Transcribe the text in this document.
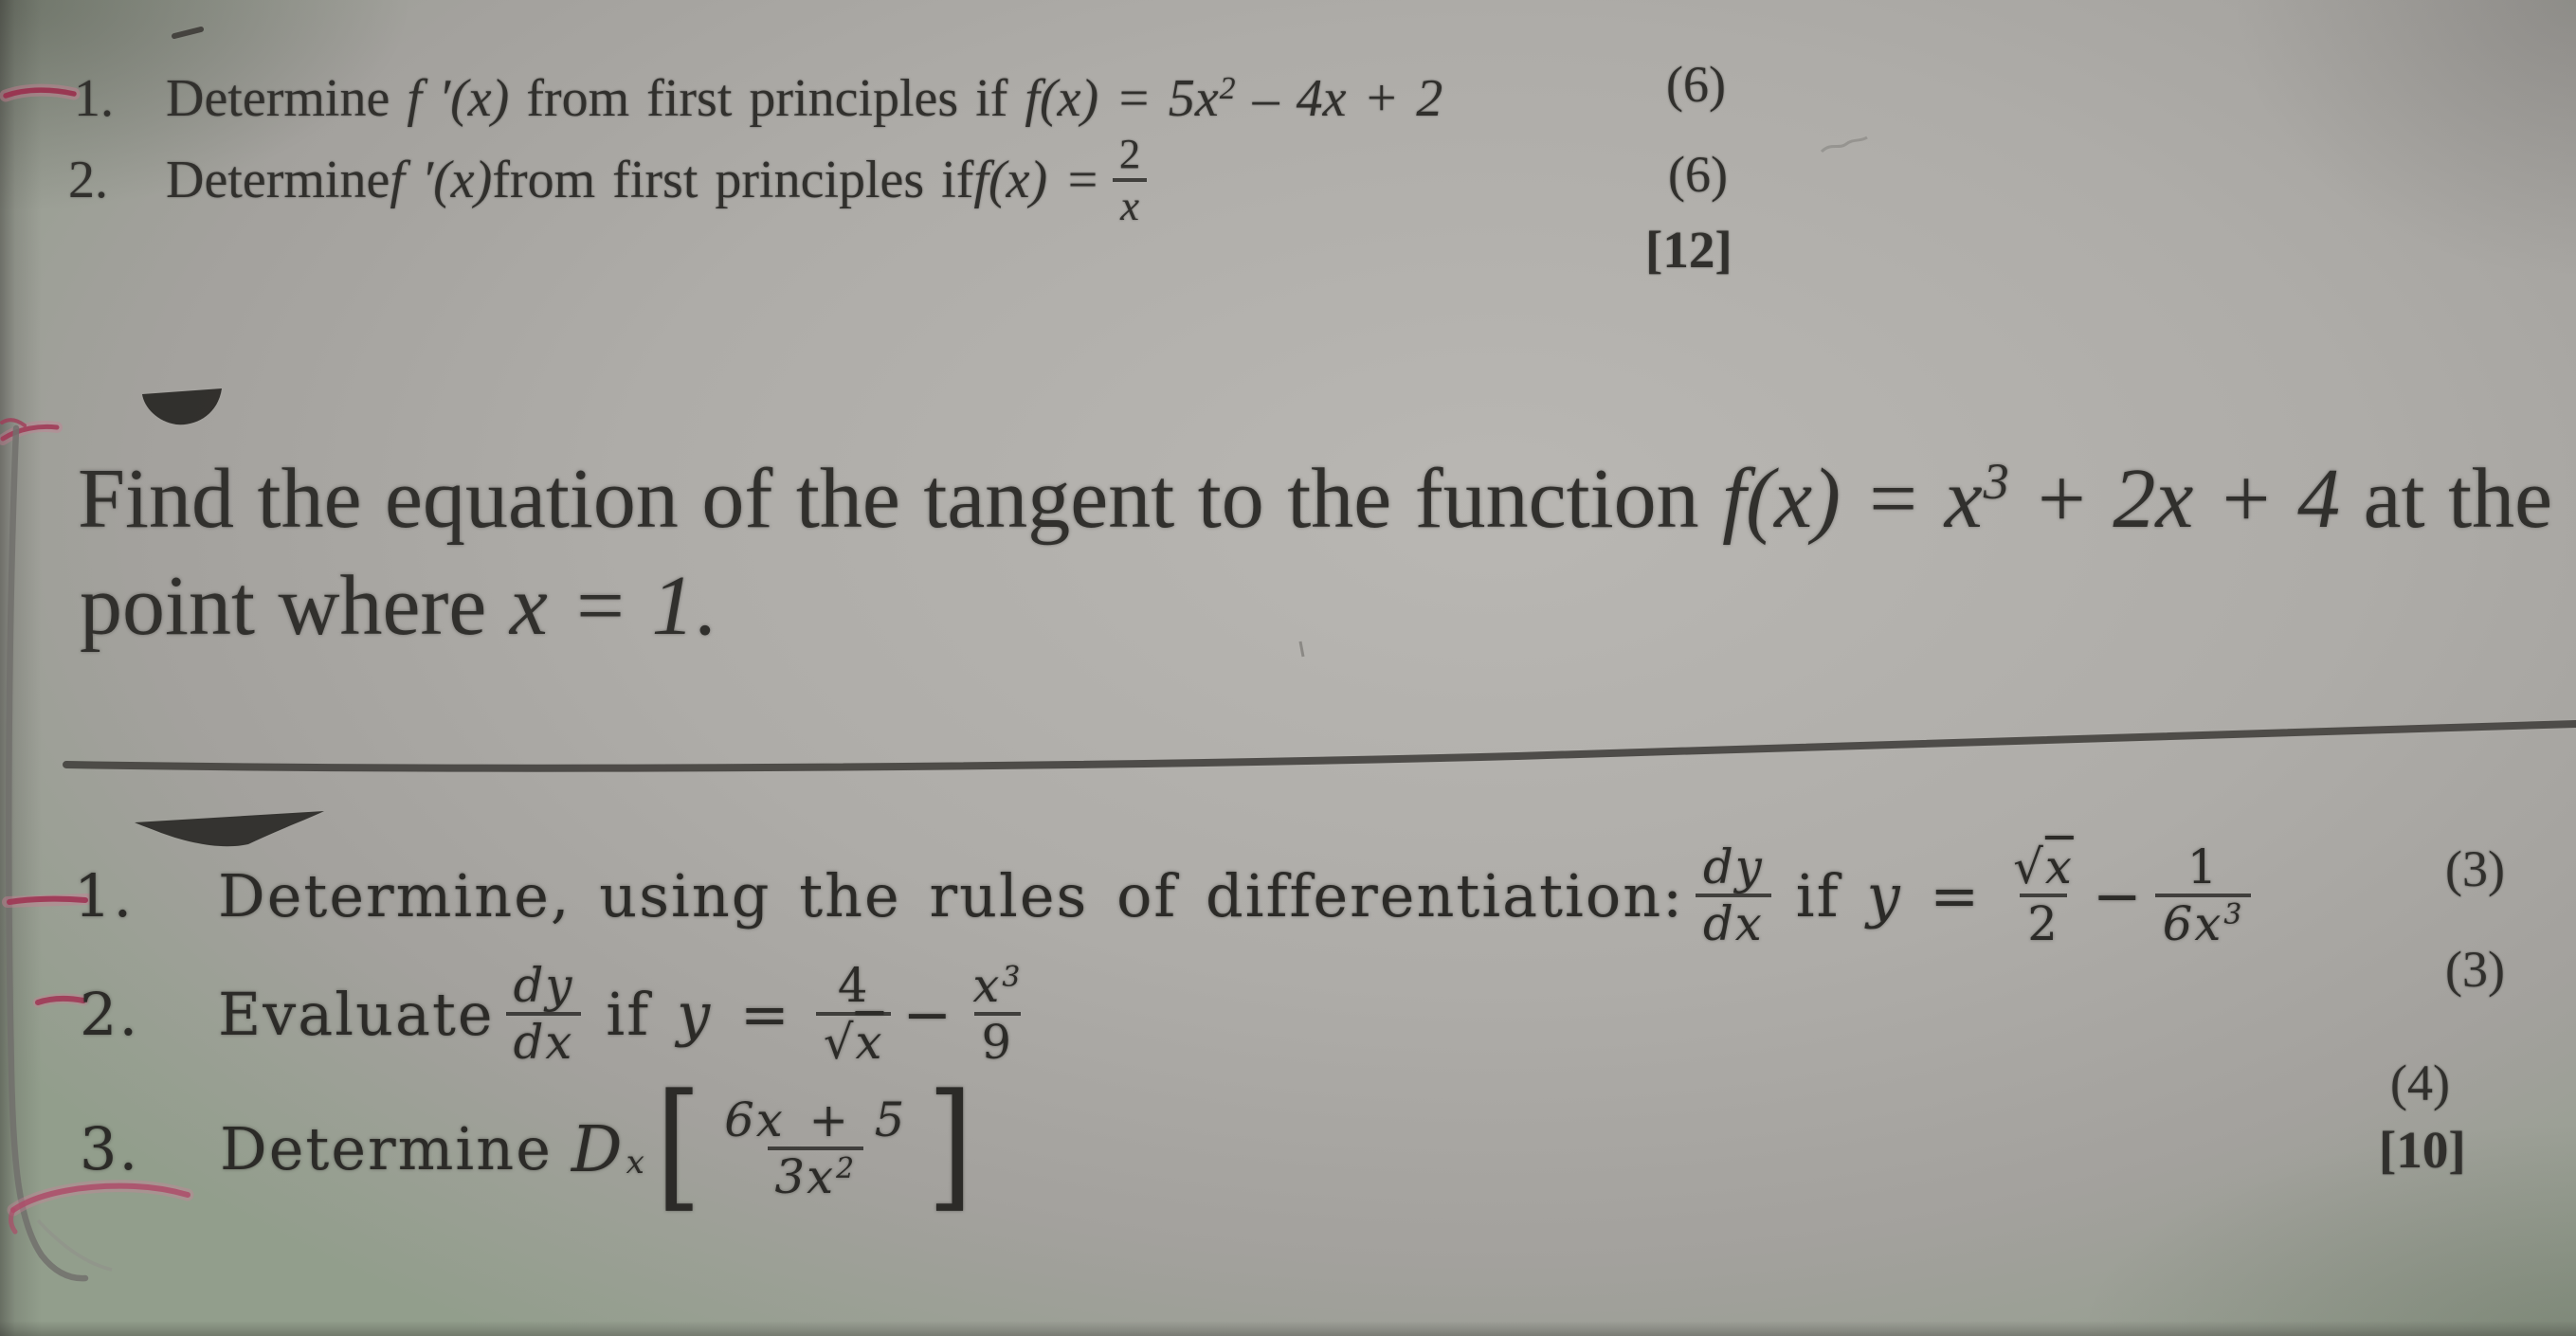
1. Determine f ′(x) from first principles if $f(x) = 5x^2 - 4x + 2$	(6)
2.	Determine f ′(x) from first principles if $f(x) = \frac{2}{x}$	(6)
[12]
Find the equation of the tangent to the function $f(x) = x^3 + 2x + 4$ at the
point where x = 1.
1.	Determine, using the rules of differentiation: $\frac{dy}{dx}$ if $y = \frac{√x}{2} - \frac{1}{6x^3}$	(3)
2.	Evaluate $\frac{dy}{dx}$ if $y = \frac{4}{√x} - \frac{x^3}{9}$	(3)
3.	Determine D x [ $\frac{6x + 5}{3x^2}$ ]	(4)
[10]
